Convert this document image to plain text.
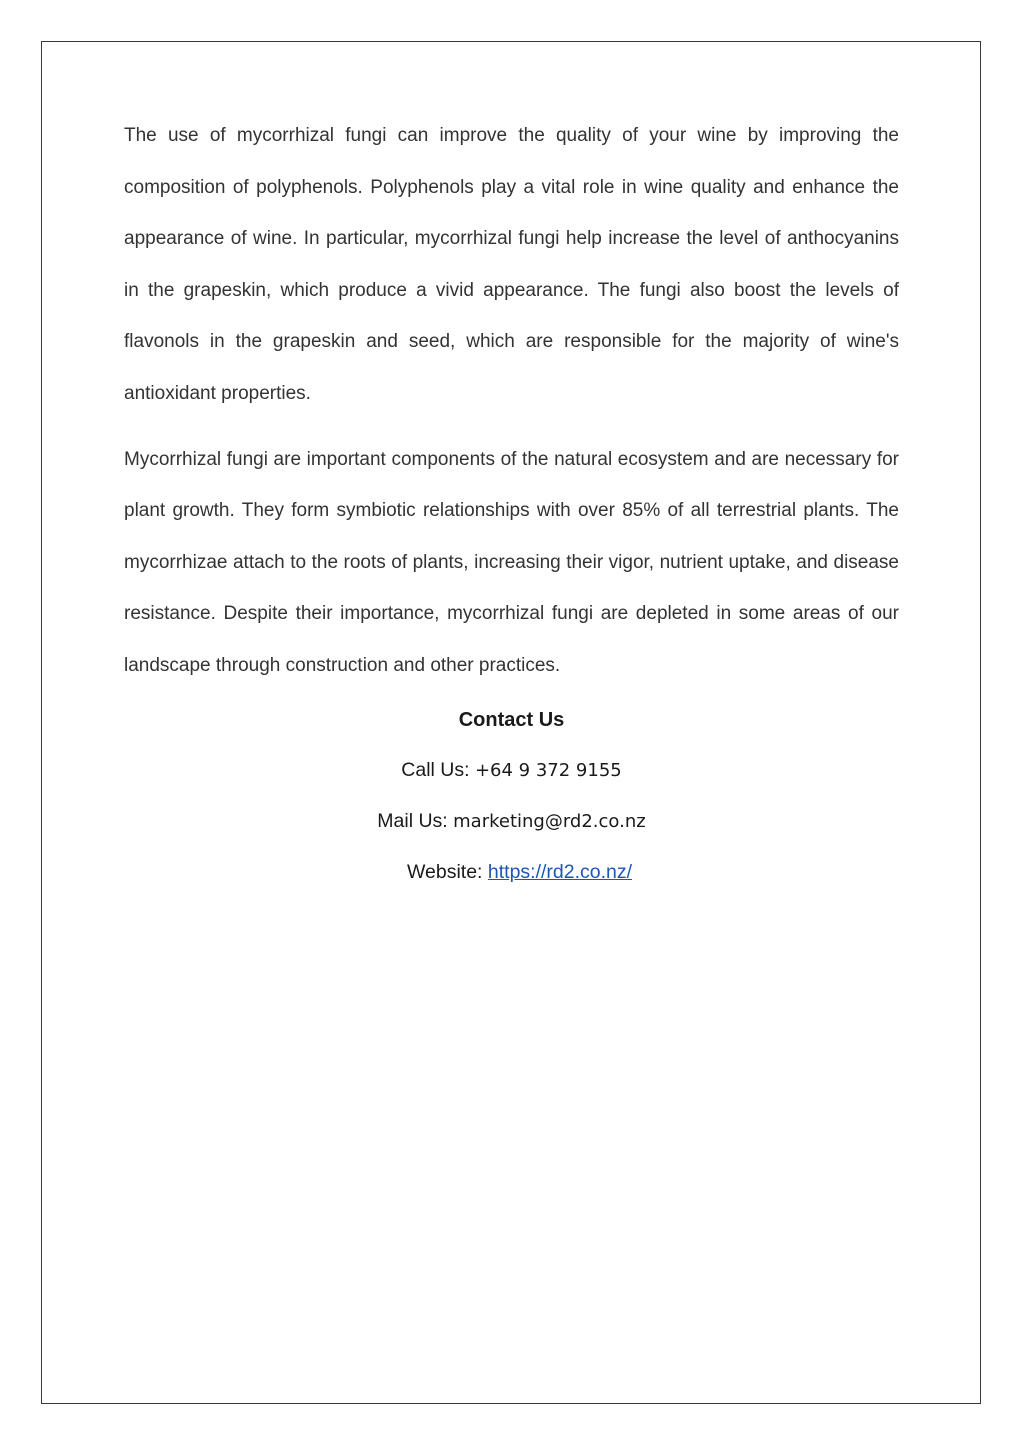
The use of mycorrhizal fungi can improve the quality of your wine by improving the composition of polyphenols. Polyphenols play a vital role in wine quality and enhance the appearance of wine. In particular, mycorrhizal fungi help increase the level of anthocyanins in the grapeskin, which produce a vivid appearance. The fungi also boost the levels of flavonols in the grapeskin and seed, which are responsible for the majority of wine's antioxidant properties.

Mycorrhizal fungi are important components of the natural ecosystem and are necessary for plant growth. They form symbiotic relationships with over 85% of all terrestrial plants. The mycorrhizae attach to the roots of plants, increasing their vigor, nutrient uptake, and disease resistance. Despite their importance, mycorrhizal fungi are depleted in some areas of our landscape through construction and other practices.

Contact Us

Call Us: +64 9 372 9155

Mail Us: marketing@rd2.co.nz

Website: https://rd2.co.nz/
